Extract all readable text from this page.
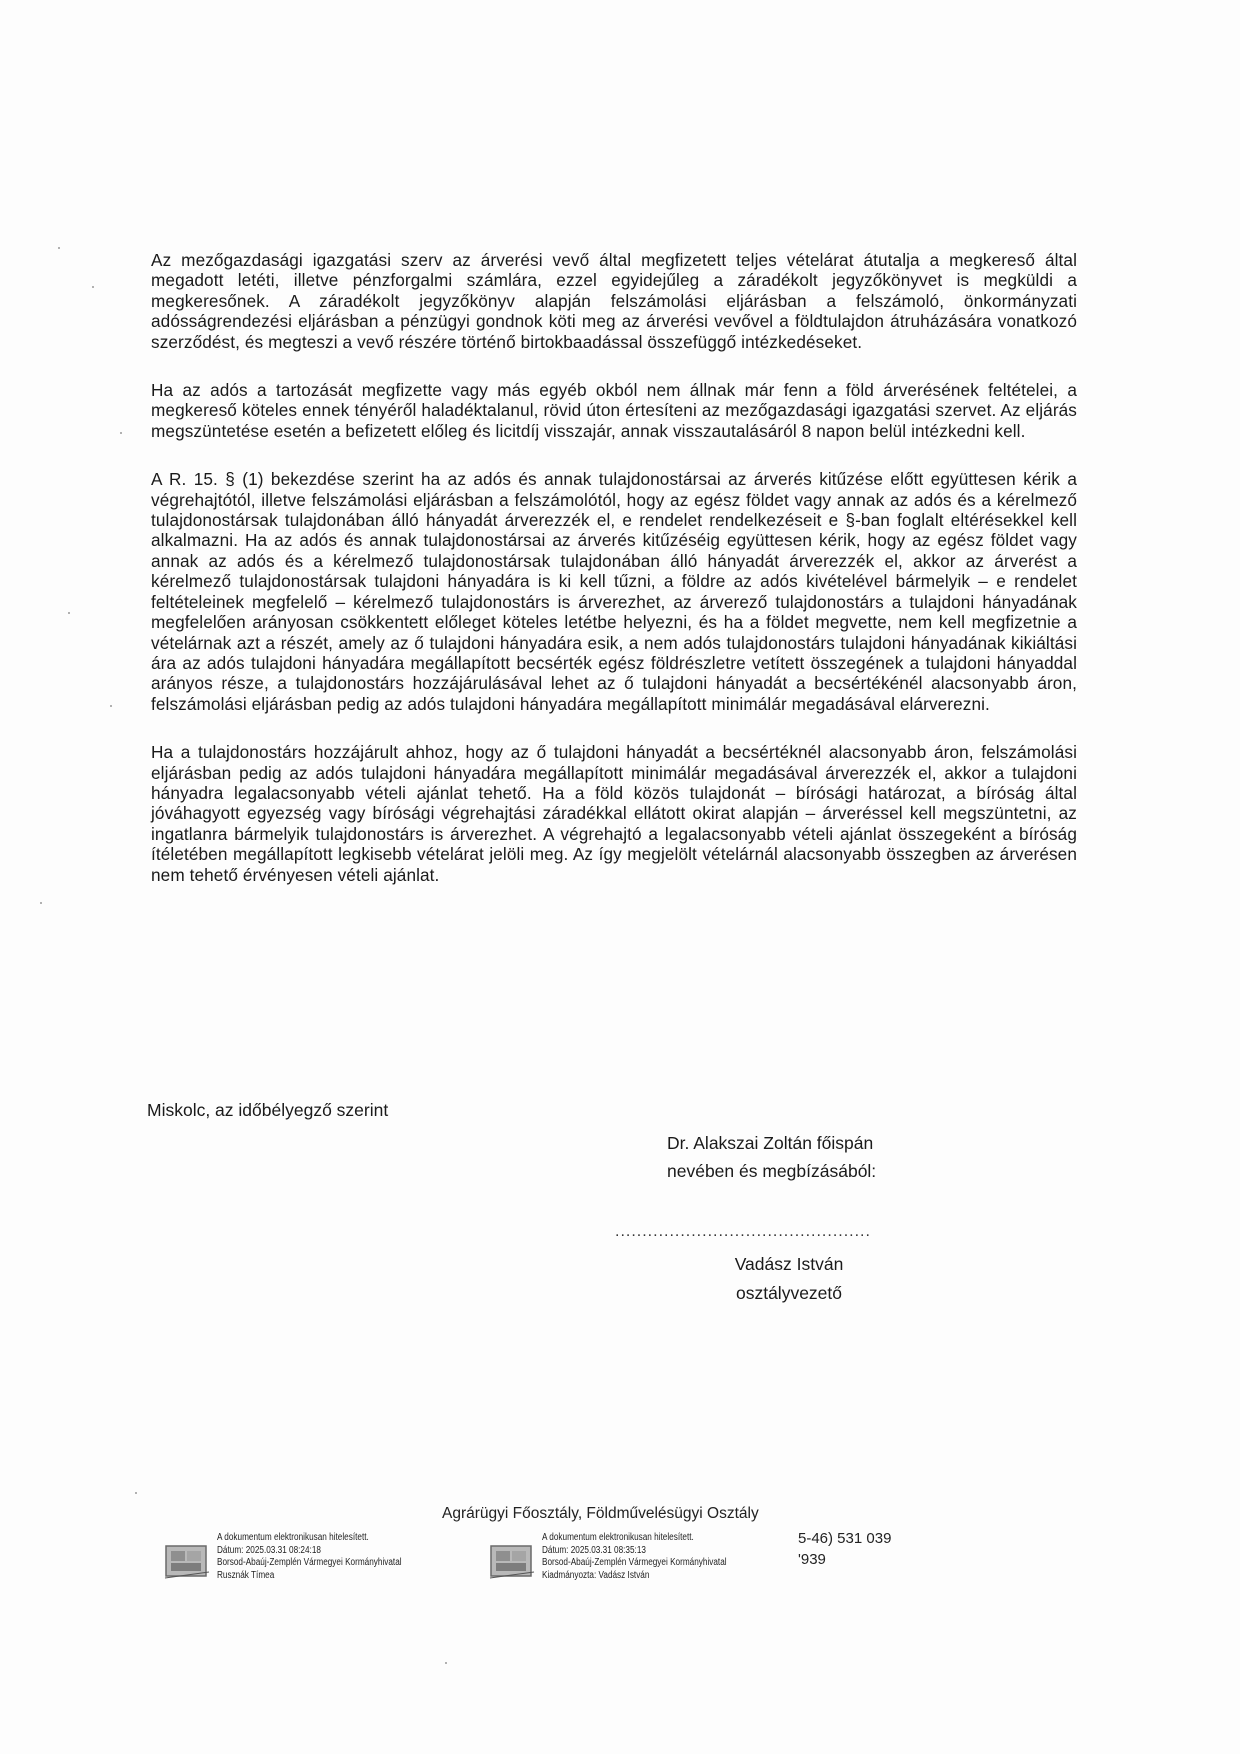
Az mezőgazdasági igazgatási szerv az árverési vevő által megfizetett teljes vételárat átutalja a megkereső által megadott letéti, illetve pénzforgalmi számlára, ezzel egyidejűleg a záradékolt jegyzőkönyvet is megküldi a megkeresőnek. A záradékolt jegyzőkönyv alapján felszámolási eljárásban a felszámoló, önkormányzati adósságrendezési eljárásban a pénzügyi gondnok köti meg az árverési vevővel a földtulajdon átruházására vonatkozó szerződést, és megteszi a vevő részére történő birtokbaadással összefüggő intézkedéseket.

Ha az adós a tartozását megfizette vagy más egyéb okból nem állnak már fenn a föld árverésének feltételei, a megkereső köteles ennek tényéről haladéktalanul, rövid úton értesíteni az mezőgazdasági igazgatási szervet. Az eljárás megszüntetése esetén a befizetett előleg és licitdíj visszajár, annak visszautalásáról 8 napon belül intézkedni kell.

A R. 15. § (1) bekezdése szerint ha az adós és annak tulajdonostársai az árverés kitűzése előtt együttesen kérik a végrehajtótól, illetve felszámolási eljárásban a felszámolótól, hogy az egész földet vagy annak az adós és a kérelmező tulajdonostársak tulajdonában álló hányadát árverezzék el, e rendelet rendelkezéseit e §-ban foglalt eltérésekkel kell alkalmazni. Ha az adós és annak tulajdonostársai az árverés kitűzéséig együttesen kérik, hogy az egész földet vagy annak az adós és a kérelmező tulajdonostársak tulajdonában álló hányadát árverezzék el, akkor az árverést a kérelmező tulajdonostársak tulajdoni hányadára is ki kell tűzni, a földre az adós kivételével bármelyik – e rendelet feltételeinek megfelelő – kérelmező tulajdonostárs is árverezhet, az árverező tulajdonostárs a tulajdoni hányadának megfelelően arányosan csökkentett előleget köteles letétbe helyezni, és ha a földet megvette, nem kell megfizetnie a vételárnak azt a részét, amely az ő tulajdoni hányadára esik, a nem adós tulajdonostárs tulajdoni hányadának kikiáltási ára az adós tulajdoni hányadára megállapított becsérték egész földrészletre vetített összegének a tulajdoni hányaddal arányos része, a tulajdonostárs hozzájárulásával lehet az ő tulajdoni hányadát a becsértékénél alacsonyabb áron, felszámolási eljárásban pedig az adós tulajdoni hányadára megállapított minimálár megadásával elárverezni.

Ha a tulajdonostárs hozzájárult ahhoz, hogy az ő tulajdoni hányadát a becsértéknél alacsonyabb áron, felszámolási eljárásban pedig az adós tulajdoni hányadára megállapított minimálár megadásával árverezzék el, akkor a tulajdoni hányadra legalacsonyabb vételi ajánlat tehető. Ha a föld közös tulajdonát – bírósági határozat, a bíróság által jóváhagyott egyezség vagy bírósági végrehajtási záradékkal ellátott okirat alapján – árveréssel kell megszüntetni, az ingatlanra bármelyik tulajdonostárs is árverezhet. A végrehajtó a legalacsonyabb vételi ajánlat összegeként a bíróság ítéletében megállapított legkisebb vételárat jelöli meg. Az így megjelölt vételárnál alacsonyabb összegben az árverésen nem tehető érvényesen vételi ajánlat.

Miskolc, az időbélyegző szerint
Dr. Alakszai Zoltán főispán
nevében és megbízásából:
...............................................
Vadász István
osztályvezető
Agrárügyi Főosztály, Földművelésügyi Osztály
A dokumentum elektronikusan hitelesített.
Dátum: 2025.03.31 08:24:18
Borsod-Abaúj-Zemplén Vármegyei Kormányhivatal
Rusznák Tímea
A dokumentum elektronikusan hitelesített.
Dátum: 2025.03.31 08:35:13
Borsod-Abaúj-Zemplén Vármegyei Kormányhivatal
Kiadmányozta: Vadász István
5-46) 531 039
'939
